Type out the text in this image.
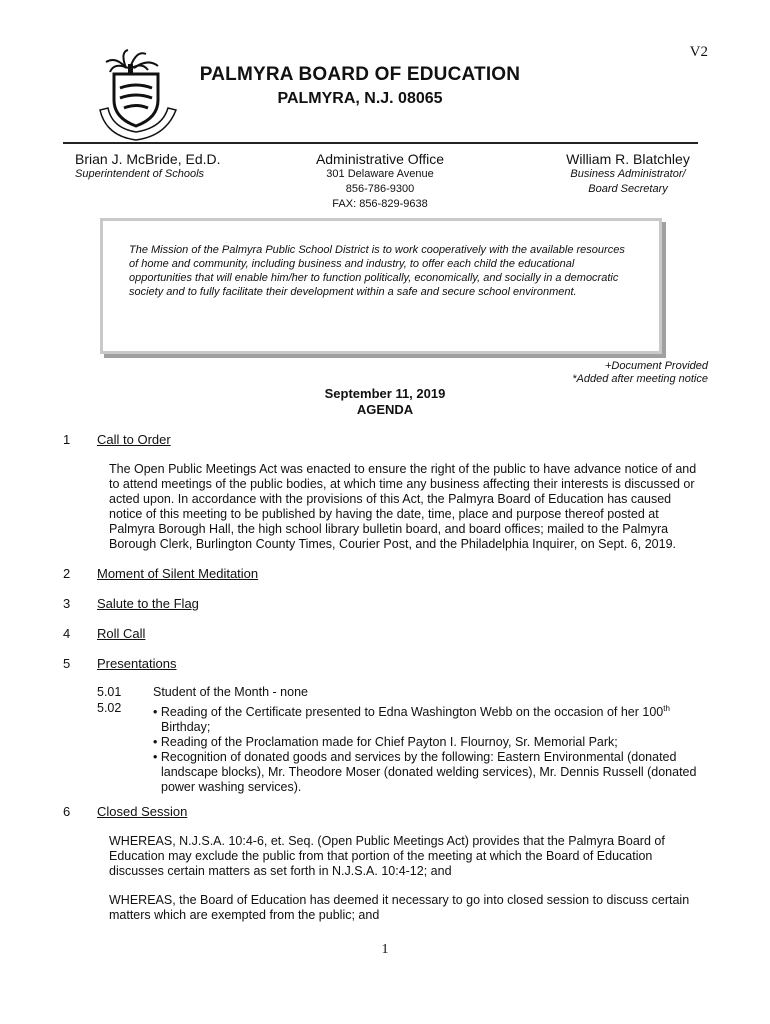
V2
PALMYRA BOARD OF EDUCATION
PALMYRA, N.J. 08065
Brian J. McBride, Ed.D.
Superintendent of Schools
Administrative Office
301 Delaware Avenue
856-786-9300
FAX: 856-829-9638
William R. Blatchley
Business Administrator/
Board Secretary

The Mission of the Palmyra Public School District is to work cooperatively with the available resources of home and community, including business and industry, to offer each child the educational opportunities that will enable him/her to function politically, economically, and socially in a democratic society and to fully facilitate their development within a safe and secure school environment.

+Document Provided
*Added after meeting notice
September 11, 2019
AGENDA
1 Call to Order
The Open Public Meetings Act was enacted to ensure the right of the public to have advance notice of and to attend meetings of the public bodies, at which time any business affecting their interests is discussed or acted upon. In accordance with the provisions of this Act, the Palmyra Board of Education has caused notice of this meeting to be published by having the date, time, place and purpose thereof posted at Palmyra Borough Hall, the high school library bulletin board, and board offices; mailed to the Palmyra Borough Clerk, Burlington County Times, Courier Post, and the Philadelphia Inquirer, on Sept. 6, 2019.
2 Moment of Silent Meditation
3 Salute to the Flag
4 Roll Call
5 Presentations
5.01	Student of the Month - none
5.02	• Reading of the Certificate presented to Edna Washington Webb on the occasion of her 100th Birthday;
• Reading of the Proclamation made for Chief Payton I. Flournoy, Sr. Memorial Park;
• Recognition of donated goods and services by the following: Eastern Environmental (donated landscape blocks), Mr. Theodore Moser (donated welding services), Mr. Dennis Russell (donated power washing services).
6 Closed Session
WHEREAS, N.J.S.A. 10:4-6, et. Seq. (Open Public Meetings Act) provides that the Palmyra Board of Education may exclude the public from that portion of the meeting at which the Board of Education discusses certain matters as set forth in N.J.S.A. 10:4-12; and
WHEREAS, the Board of Education has deemed it necessary to go into closed session to discuss certain matters which are exempted from the public; and
1
